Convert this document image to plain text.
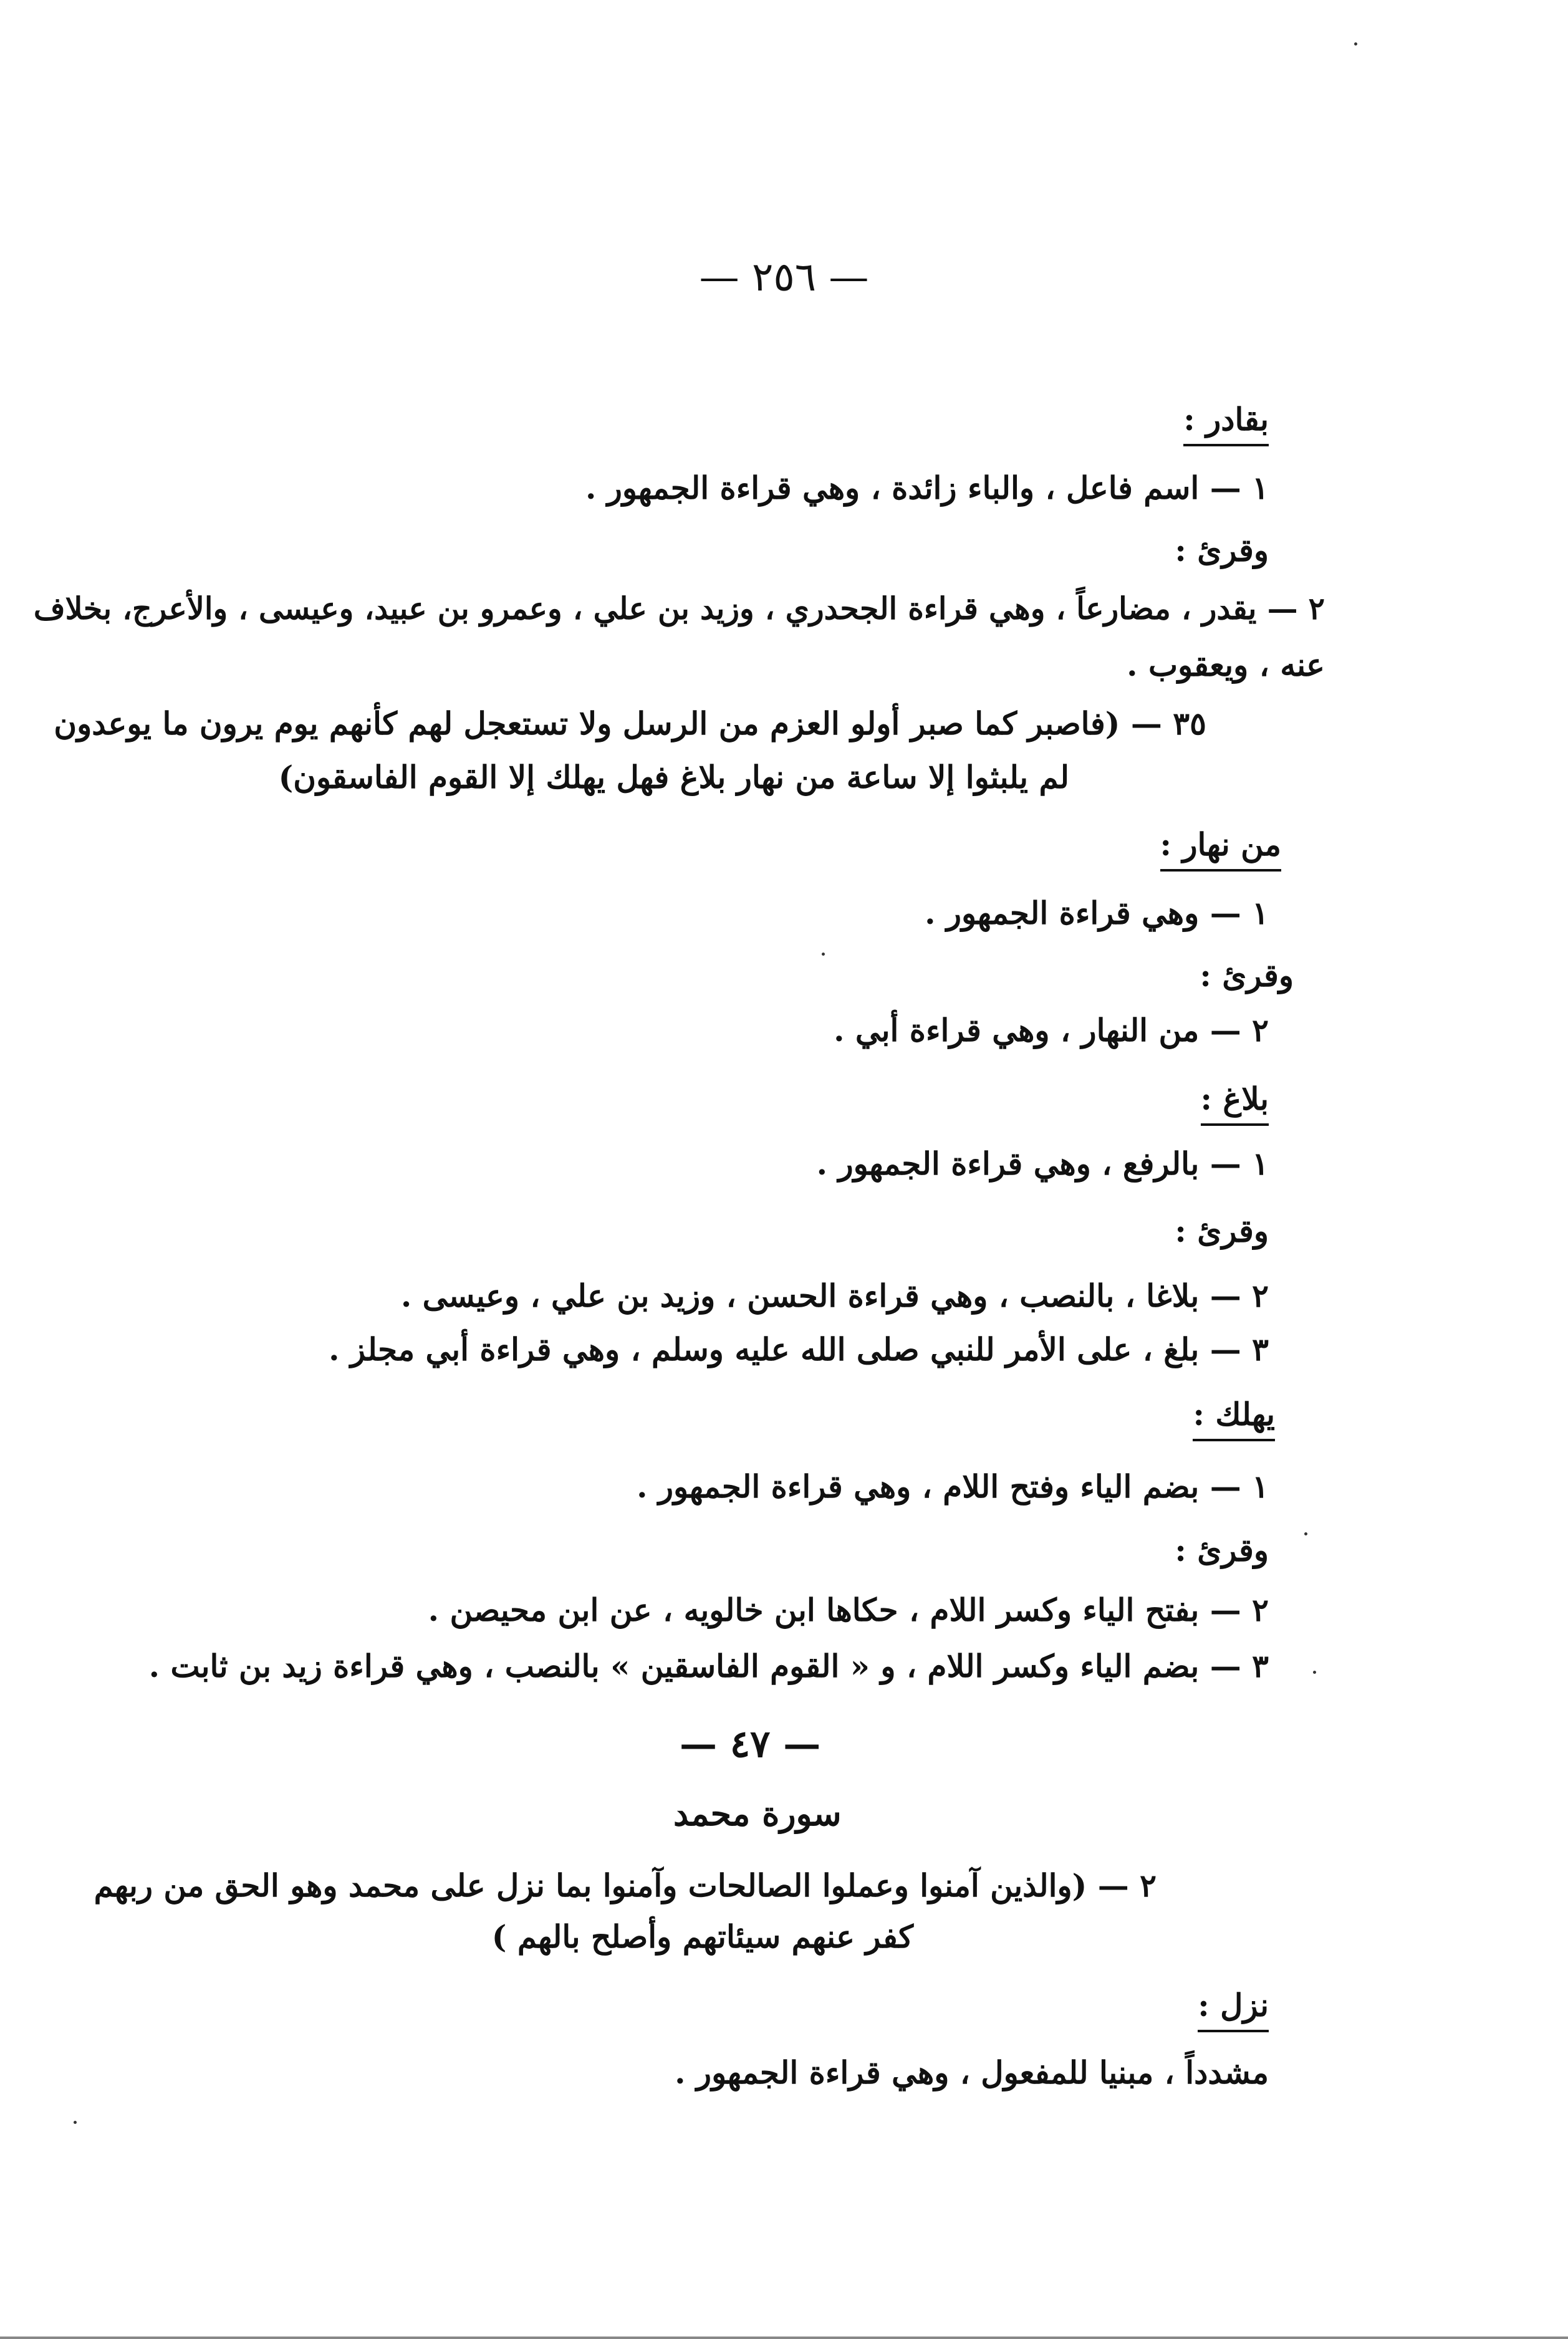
— ٢٥٦ —
بقادر :
١ — اسم فاعل ، والباء زائدة ، وهي قراءة الجمهور .
وقرئ :
٢ — يقدر ، مضارعاً ، وهي قراءة الجحدري ، وزيد بن علي ، وعمرو بن عبيد، وعيسى ، والأعرج، بخلاف
عنه ، ويعقوب .
٣٥ — (فاصبر كما صبر أولو العزم من الرسل ولا تستعجل لهم كأنهم يوم يرون ما يوعدون
لم يلبثوا إلا ساعة من نهار بلاغ فهل يهلك إلا القوم الفاسقون)
من نهار :
١ — وهي قراءة الجمهور .
وقرئ :
٢ — من النهار ، وهي قراءة أبي .
بلاغ :
١ — بالرفع ، وهي قراءة الجمهور .
وقرئ :
٢ — بلاغا ، بالنصب ، وهي قراءة الحسن ، وزيد بن علي ، وعيسى .
٣ — بلغ ، على الأمر للنبي صلى الله عليه وسلم ، وهي قراءة أبي مجلز .
يهلك :
١ — بضم الياء وفتح اللام ، وهي قراءة الجمهور .
وقرئ :
٢ — بفتح الياء وكسر اللام ، حكاها ابن خالويه ، عن ابن محيصن .
٣ — بضم الياء وكسر اللام ، و « القوم الفاسقين » بالنصب ، وهي قراءة زيد بن ثابت .
— ٤٧ —
سورة محمد
٢ — (والذين آمنوا وعملوا الصالحات وآمنوا بما نزل على محمد وهو الحق من ربهم
كفر عنهم سيئاتهم وأصلح بالهم )
نزل :
مشدداً ، مبنيا للمفعول ، وهي قراءة الجمهور .
